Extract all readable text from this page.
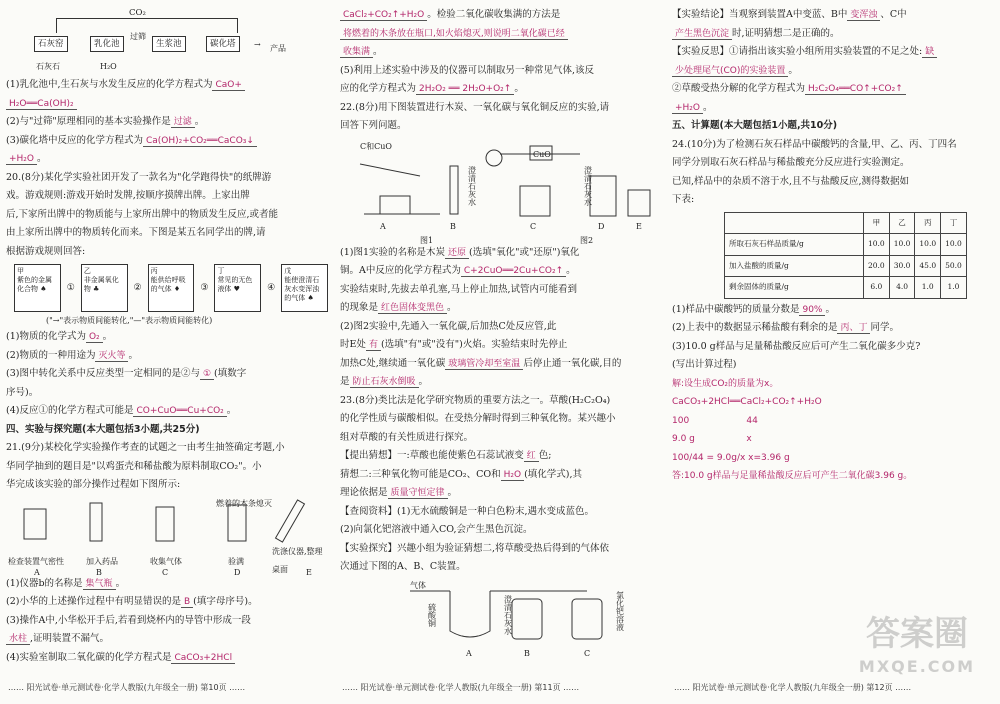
CO₂
石灰窑	乳化池	生浆池	碳化塔
过筛
产品
→
石灰石	H₂O
(1)乳化池中,生石灰与水发生反应的化学方程式为 CaO+
H₂O══Ca(OH)₂
(2)与"过筛"原理相同的基本实验操作是 过滤 。
(3)碳化塔中反应的化学方程式为 Ca(OH)₂+CO₂══CaCO₃↓
+H₂O 。
20.(8分)某化学实验社团开发了一款名为"化学跑得快"的纸牌游
戏。游戏规则:游戏开始时发牌,按顺序摸牌出牌。上家出牌
后,下家所出牌中的物质能与上家所出牌中的物质发生反应,或者能
由上家所出牌中的物质转化而来。下图是某五名同学出的牌,请
根据游戏规则回答:
甲
紫色的金属化合物 ♠	①
乙
非金属氧化物 ♣	②
丙
能供给呼吸的气体 ♦	③
丁
常见的无色液体 ♥	④
戊
能使澄清石灰水变浑浊的气体 ♠
("→"表示物质间能转化,"—"表示物质间能转化)
(1)物质的化学式为 O₂ 。
(2)物质的一种用途为 灭火等 。
(3)图中转化关系中反应类型一定相同的是②与 ① (填数字
序号)。
(4)反应①的化学方程式可能是 CO+CuO══Cu+CO₂ 。
四、实验与探究题(本大题包括3小题,共25分)
21.(9分)某校化学实验操作考查的试题之一由考生抽签确定考题,小
华同学抽到的题目是"以鸡蛋壳和稀盐酸为原料制取CO₂"。小
华完成该实验的部分操作过程如下图所示:
燃着的木条熄灭
检查装置气密性	加入药品	收集气体	验满
洗涤仪器,整理桌面
A	B	C	D	E
(1)仪器b的名称是 集气瓶 。
(2)小华的上述操作过程中有明显错误的是 B (填字母序号)。
(3)操作A中,小华松开手后,若看到烧杯内的导管中形成一段
水柱 ,证明装置不漏气。
(4)实验室制取二氧化碳的化学方程式是 CaCO₃+2HCl
CaCl₂+CO₂↑+H₂O 。检验二氧化碳收集满的方法是
将燃着的木条放在瓶口,如火焰熄灭,则说明二氧化碳已经
收集满 。
(5)利用上述实验中涉及的仪器可以制取另一种常见气体,该反
应的化学方程式为 2H₂O₂ ══ 2H₂O+O₂↑ 。
22.(8分)用下图装置进行木炭、一氧化碳与氧化铜反应的实验,请
回答下列问题。
C和CuO
澄清石灰水
CuO
澄清石灰水
A	B	C	D	E
图1	图2
(1)图1实验的名称是木炭 还原 (选填"氧化"或"还原")氧化
铜。A中反应的化学方程式为 C+2CuO══2Cu+CO₂↑ 。
实验结束时,先拔去单孔塞,马上停止加热,试管内可能看到
的现象是 红色固体变黑色 。
(2)图2实验中,先通入一氧化碳,后加热C处反应管,此
时E处 有 (选填"有"或"没有")火焰。实验结束时先停止
加热C处,继续通一氧化碳 玻璃管冷却至室温 后停止通一氧化碳,目的
是 防止石灰水倒吸 。
23.(8分)类比法是化学研究物质的重要方法之一。草酸(H₂C₂O₄)
的化学性质与碳酸相似。在受热分解时得到三种氧化物。某兴趣小
组对草酸的有关性质进行探究。
【提出猜想】一:草酸也能使紫色石蕊试液变 红 色;
猜想二:三种氧化物可能是CO₂、CO和 H₂O (填化学式),其
理论依据是 质量守恒定律 。
【查阅资料】(1)无水硫酸铜是一种白色粉末,遇水变成蓝色。
(2)向氯化钯溶液中通入CO,会产生黑色沉淀。
【实验探究】兴趣小组为验证猜想二,将草酸受热后得到的气体依
次通过下图的A、B、C装置。
气体
硫酸铜	澄清石灰水	氯化钯溶液
A	B	C
【实验结论】当观察到装置A中变蓝、B中 变浑浊 、C中
产生黑色沉淀 时,证明猜想二是正确的。
【实验反思】①请指出该实验小组所用实验装置的不足之处: 缺
少处理尾气(CO)的实验装置 。
②草酸受热分解的化学方程式为 H₂C₂O₄══CO↑+CO₂↑
+H₂O 。
五、计算题(本大题包括1小题,共10分)
24.(10分)为了检测石灰石样品中碳酸钙的含量,甲、乙、丙、丁四名
同学分别取石灰石样品与稀盐酸充分反应进行实验测定。
已知,样品中的杂质不溶于水,且不与盐酸反应,测得数据如
下表:
	甲	乙	丙	丁
所取石灰石样品质量/g	10.0	10.0	10.0	10.0
加入盐酸的质量/g	20.0	30.0	45.0	50.0
剩余固体的质量/g	6.0	4.0	1.0	1.0
(1)样品中碳酸钙的质量分数是 90% 。
(2)上表中的数据显示稀盐酸有剩余的是 丙、丁 同学。
(3)10.0 g样品与足量稀盐酸反应后可产生二氧化碳多少克?
(写出计算过程)
解:设生成CO₂的质量为x。
CaCO₃+2HCl══CaCl₂+CO₂↑+H₂O
100                    44
9.0 g                  x
100/44 = 9.0g/x x=3.96 g
答:10.0 g样品与足量稀盐酸反应后可产生二氧化碳3.96 g。
…… 阳光试卷·单元测试卷·化学人教版(九年级全一册) 第10页 ……	…… 阳光试卷·单元测试卷·化学人教版(九年级全一册) 第11页 ……	…… 阳光试卷·单元测试卷·化学人教版(九年级全一册) 第12页 ……
答案圈
MXQE.COM
